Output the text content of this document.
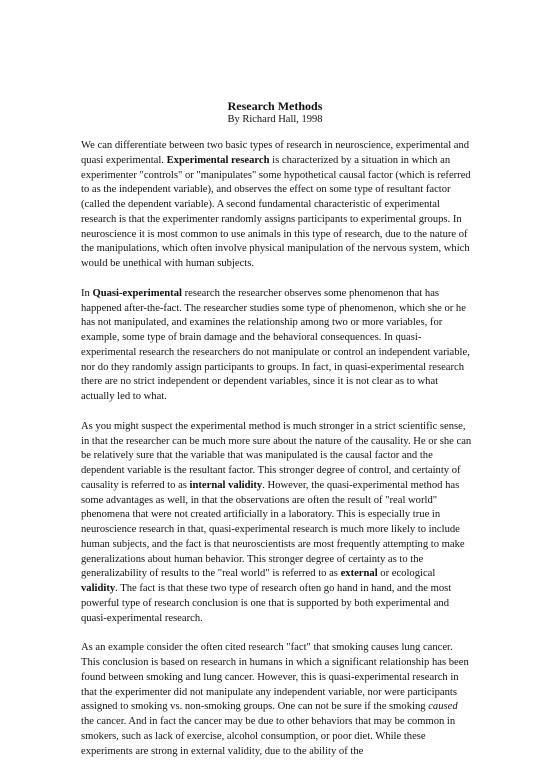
Research Methods

By Richard Hall, 1998

We can differentiate between two basic types of research in neuroscience, experimental and quasi experimental. Experimental research is characterized by a situation in which an experimenter "controls" or "manipulates" some hypothetical causal factor (which is referred to as the independent variable), and observes the effect on some type of resultant factor (called the dependent variable). A second fundamental characteristic of experimental research is that the experimenter randomly assigns participants to experimental groups. In neuroscience it is most common to use animals in this type of research, due to the nature of the manipulations, which often involve physical manipulation of the nervous system, which would be unethical with human subjects.

In Quasi-experimental research the researcher observes some phenomenon that has happened after-the-fact. The researcher studies some type of phenomenon, which she or he has not manipulated, and examines the relationship among two or more variables, for example, some type of brain damage and the behavioral consequences. In quasi-experimental research the researchers do not manipulate or control an independent variable, nor do they randomly assign participants to groups. In fact, in quasi-experimental research there are no strict independent or dependent variables, since it is not clear as to what actually led to what.

As you might suspect the experimental method is much stronger in a strict scientific sense, in that the researcher can be much more sure about the nature of the causality. He or she can be relatively sure that the variable that was manipulated is the causal factor and the dependent variable is the resultant factor. This stronger degree of control, and certainty of causality is referred to as internal validity. However, the quasi-experimental method has some advantages as well, in that the observations are often the result of "real world" phenomena that were not created artificially in a laboratory. This is especially true in neuroscience research in that, quasi-experimental research is much more likely to include human subjects, and the fact is that neuroscientists are most frequently attempting to make generalizations about human behavior. This stronger degree of certainty as to the generalizability of results to the "real world" is referred to as external or ecological validity. The fact is that these two type of research often go hand in hand, and the most powerful type of research conclusion is one that is supported by both experimental and quasi-experimental research.

As an example consider the often cited research "fact" that smoking causes lung cancer. This conclusion is based on research in humans in which a significant relationship has been found between smoking and lung cancer. However, this is quasi-experimental research in that the experimenter did not manipulate any independent variable, nor were participants assigned to smoking vs. non-smoking groups. One can not be sure if the smoking caused the cancer. And in fact the cancer may be due to other behaviors that may be common in smokers, such as lack of exercise, alcohol consumption, or poor diet. While these experiments are strong in external validity, due to the ability of the
